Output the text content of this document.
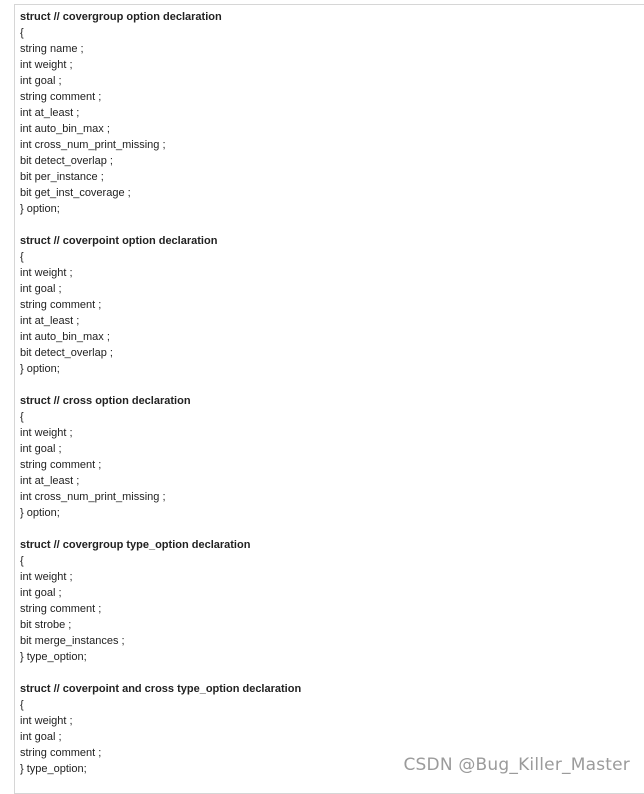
struct // covergroup option declaration
{
string name ;
int weight ;
int goal ;
string comment ;
int at_least ;
int auto_bin_max ;
int cross_num_print_missing ;
bit detect_overlap ;
bit per_instance ;
bit get_inst_coverage ;
} option;
struct // coverpoint option declaration
{
int weight ;
int goal ;
string comment ;
int at_least ;
int auto_bin_max ;
bit detect_overlap ;
} option;
struct // cross option declaration
{
int weight ;
int goal ;
string comment ;
int at_least ;
int cross_num_print_missing ;
} option;
struct // covergroup type_option declaration
{
int weight ;
int goal ;
string comment ;
bit strobe ;
bit merge_instances ;
} type_option;
struct // coverpoint and cross type_option declaration
{
int weight ;
int goal ;
string comment ;
} type_option;	CSDN @Bug_Killer_Master
